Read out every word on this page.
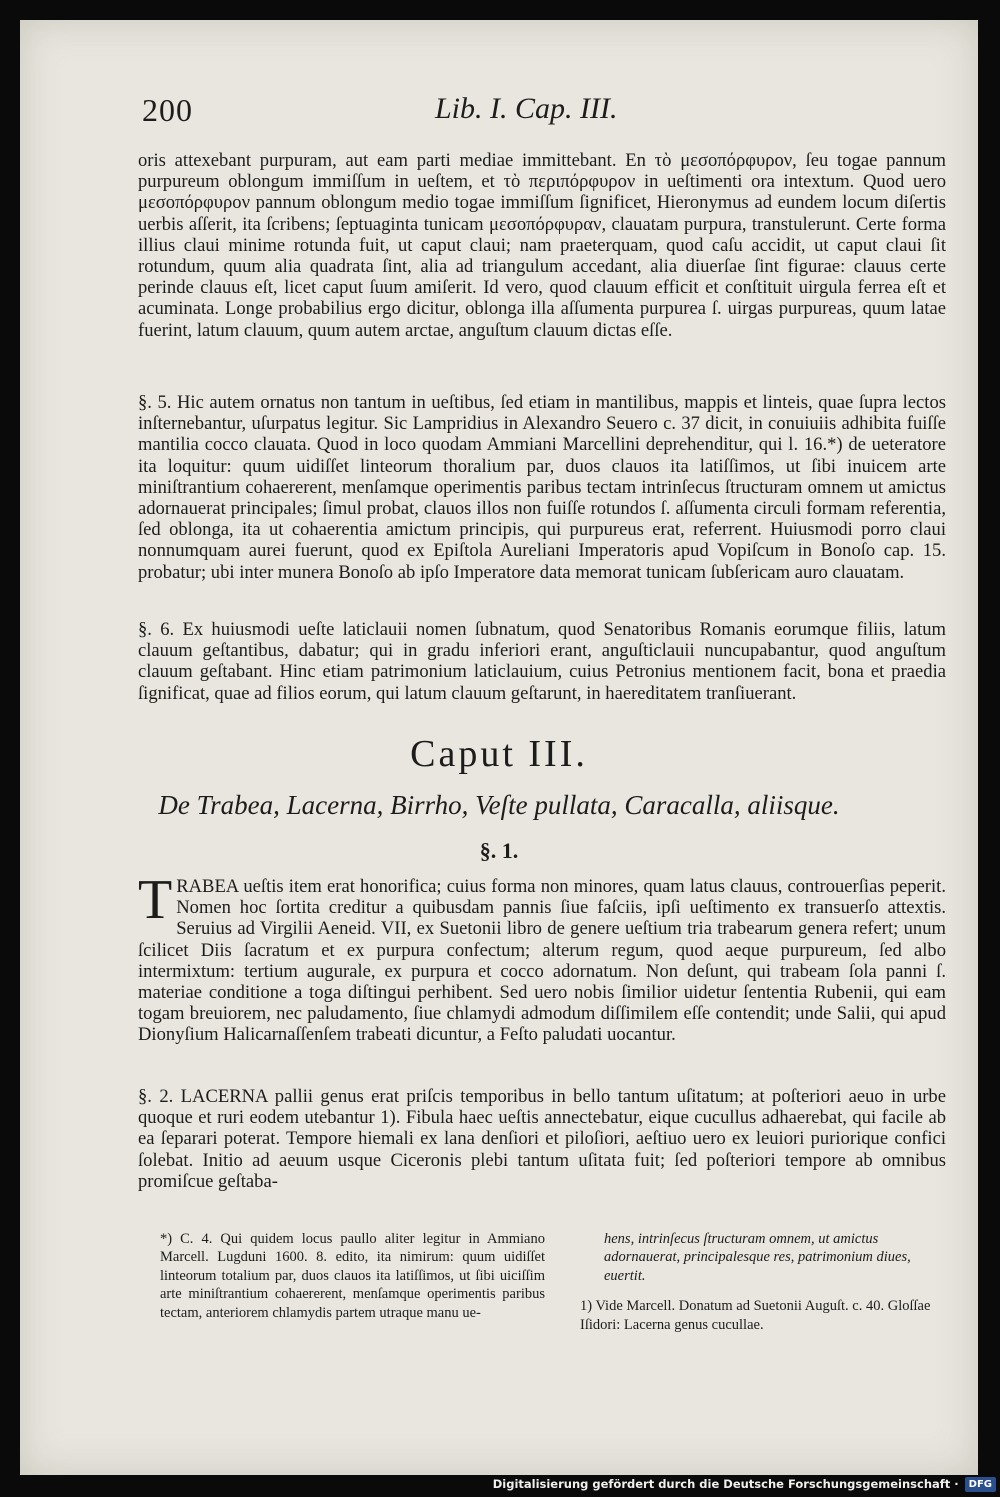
200	Lib. I. Cap. III.
oris attexebant purpuram, aut eam parti mediae immittebant. En τὸ μεσοπόρφυρον, ſeu togae pannum purpureum oblongum immiſſum in ueſtem, et τὸ περιπόρφυρον in ueſtimenti ora intextum. Quod uero μεσοπόρφυρον pannum oblongum medio togae immiſſum ſignificet, Hieronymus ad eundem locum diſertis uerbis aſſerit, ita ſcribens; ſeptuaginta tunicam μεσοπόρφυραν, clauatam purpura, transtulerunt. Certe forma illius claui minime rotunda fuit, ut caput claui; nam praeterquam, quod caſu accidit, ut caput claui ſit rotundum, quum alia quadrata ſint, alia ad triangulum accedant, alia diuerſae ſint figurae: clauus certe perinde clauus eſt, licet caput ſuum amiſerit. Id vero, quod clauum efficit et conſtituit uirgula ferrea eſt et acuminata. Longe probabilius ergo dicitur, oblonga illa aſſumenta purpurea ſ. uirgas purpureas, quum latae fuerint, latum clauum, quum autem arctae, anguſtum clauum dictas eſſe.
§. 5. Hic autem ornatus non tantum in ueſtibus, ſed etiam in mantilibus, mappis et linteis, quae ſupra lectos inſternebantur, uſurpatus legitur. Sic Lampridius in Alexandro Seuero c. 37 dicit, in conuiuiis adhibita fuiſſe mantilia cocco clauata. Quod in loco quodam Ammiani Marcellini deprehenditur, qui l. 16.*) de ueteratore ita loquitur: quum uidiſſet linteorum thoralium par, duos clauos ita latiſſimos, ut ſibi inuicem arte miniſtrantium cohaererent, menſamque operimentis paribus tectam intrinſecus ſtructuram omnem ut amictus adornauerat principales; ſimul probat, clauos illos non fuiſſe rotundos ſ. aſſumenta circuli formam referentia, ſed oblonga, ita ut cohaerentia amictum principis, qui purpureus erat, referrent. Huiusmodi porro claui nonnumquam aurei fuerunt, quod ex Epiſtola Aureliani Imperatoris apud Vopiſcum in Bonoſo cap. 15. probatur; ubi inter munera Bonoſo ab ipſo Imperatore data memorat tunicam ſubſericam auro clauatam.
§. 6. Ex huiusmodi ueſte laticlauii nomen ſubnatum, quod Senatoribus Romanis eorumque filiis, latum clauum geſtantibus, dabatur; qui in gradu inferiori erant, anguſticlauii nuncupabantur, quod anguſtum clauum geſtabant. Hinc etiam patrimonium laticlauium, cuius Petronius mentionem facit, bona et praedia ſignificat, quae ad filios eorum, qui latum clauum geſtarunt, in haereditatem tranſiuerant.
Caput III.
De Trabea, Lacerna, Birrho, Veſte pullata, Caracalla, aliisque.
§. 1.
T RABEA ueſtis item erat honorifica; cuius forma non minores, quam latus clauus, controuerſias peperit. Nomen hoc ſortita creditur a quibusdam pannis ſiue faſciis, ipſi ueſtimento ex transuerſo attextis. Seruius ad Virgilii Aeneid. VII, ex Suetonii libro de genere ueſtium tria trabearum genera refert; unum ſcilicet Diis ſacratum et ex purpura confectum; alterum regum, quod aeque purpureum, ſed albo intermixtum: tertium augurale, ex purpura et cocco adornatum. Non deſunt, qui trabeam ſola panni ſ. materiae conditione a toga diſtingui perhibent. Sed uero nobis ſimilior uidetur ſententia Rubenii, qui eam togam breuiorem, nec paludamento, ſiue chlamydi admodum diſſimilem eſſe contendit; unde Salii, qui apud Dionyſium Halicarnaſſenſem trabeati dicuntur, a Feſto paludati uocantur.
§. 2. LACERNA pallii genus erat priſcis temporibus in bello tantum uſitatum; at poſteriori aeuo in urbe quoque et ruri eodem utebantur 1). Fibula haec ueſtis annectebatur, eique cucullus adhaerebat, qui facile ab ea ſeparari poterat. Tempore hiemali ex lana denſiori et piloſiori, aeſtiuo uero ex leuiori puriorique confici ſolebat. Initio ad aeuum usque Ciceronis plebi tantum uſitata fuit; ſed poſteriori tempore ab omnibus promiſcue geſtaba-
*) C. 4. Qui quidem locus paullo aliter legitur in Ammiano Marcell. Lugduni 1600. 8. edito, ita nimirum: quum uidiſſet linteorum totalium par, duos clauos ita latiſſimos, ut ſibi uiciſſim arte miniſtrantium cohaererent, menſamque operimentis paribus tectam, anteriorem chlamydis partem utraque manu ue-
hens, intrinſecus ſtructuram omnem, ut amictus adornauerat, principalesque res, patrimonium diues, euertit.
1) Vide Marcell. Donatum ad Suetonii Auguſt. c. 40. Gloſſae Iſidori: Lacerna genus cucullae.
Digitalisierung gefördert durch die Deutsche Forschungsgemeinschaft ·	DFG
